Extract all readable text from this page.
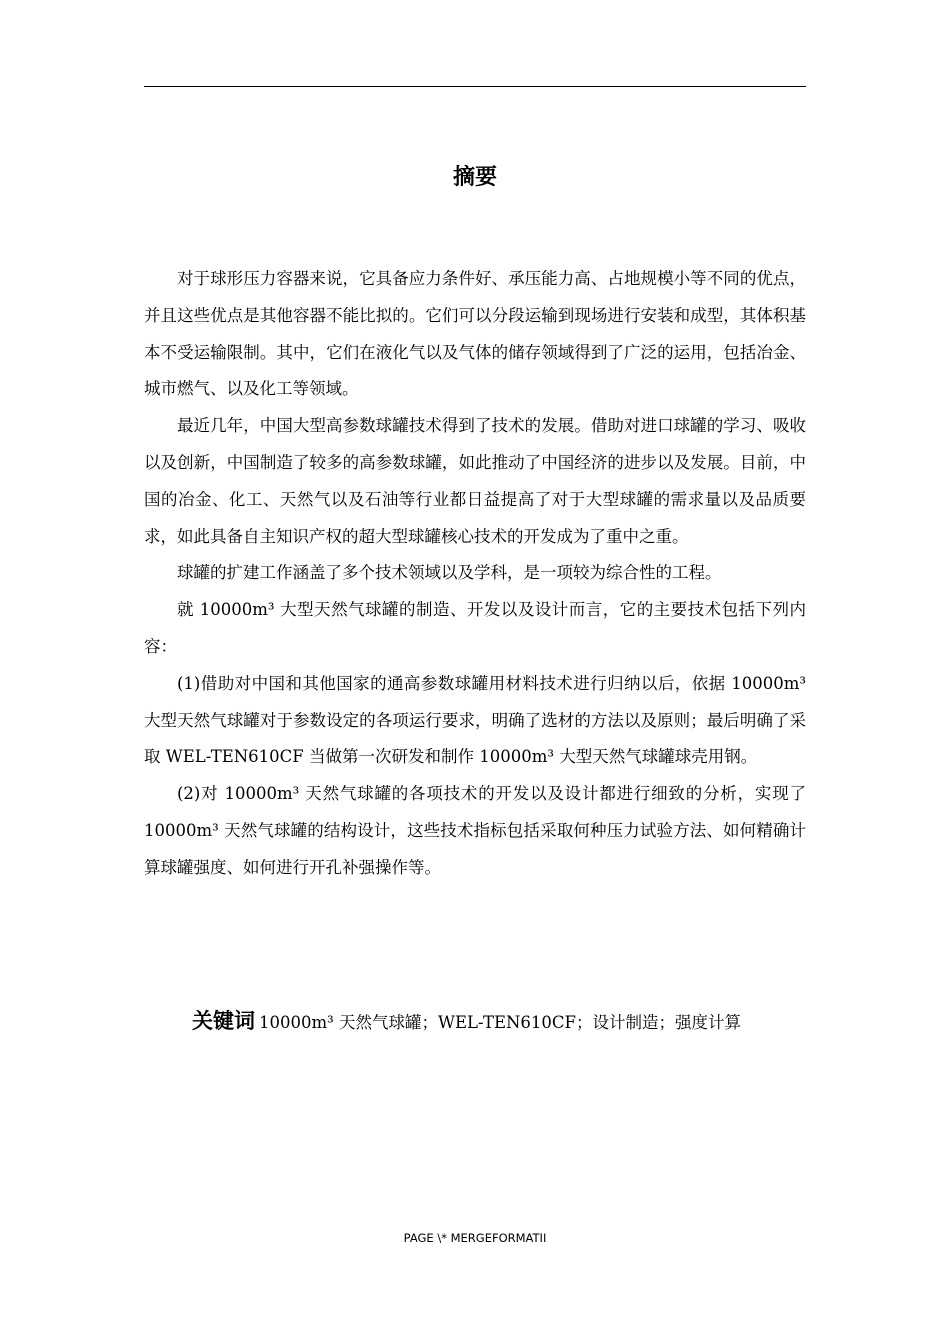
摘要

对于球形压力容器来说，它具备应力条件好、承压能力高、占地规模小等不同的优点，并且这些优点是其他容器不能比拟的。它们可以分段运输到现场进行安装和成型，其体积基本不受运输限制。其中，它们在液化气以及气体的储存领域得到了广泛的运用，包括冶金、城市燃气、以及化工等领域。

最近几年，中国大型高参数球罐技术得到了技术的发展。借助对进口球罐的学习、吸收以及创新，中国制造了较多的高参数球罐，如此推动了中国经济的进步以及发展。目前，中国的冶金、化工、天然气以及石油等行业都日益提高了对于大型球罐的需求量以及品质要求，如此具备自主知识产权的超大型球罐核心技术的开发成为了重中之重。

球罐的扩建工作涵盖了多个技术领域以及学科，是一项较为综合性的工程。

就 10000m³ 大型天然气球罐的制造、开发以及设计而言，它的主要技术包括下列内容：

(1)借助对中国和其他国家的通高参数球罐用材料技术进行归纳以后，依据 10000m³ 大型天然气球罐对于参数设定的各项运行要求，明确了选材的方法以及原则；最后明确了采取 WEL-TEN610CF 当做第一次研发和制作 10000m³ 大型天然气球罐球壳用钢。

(2)对 10000m³ 天然气球罐的各项技术的开发以及设计都进行细致的分析，实现了 10000m³ 天然气球罐的结构设计，这些技术指标包括采取何种压力试验方法、如何精确计算球罐强度、如何进行开孔补强操作等。

关键词 10000m³ 天然气球罐；WEL-TEN610CF；设计制造；强度计算
PAGE \* MERGEFORMATII
